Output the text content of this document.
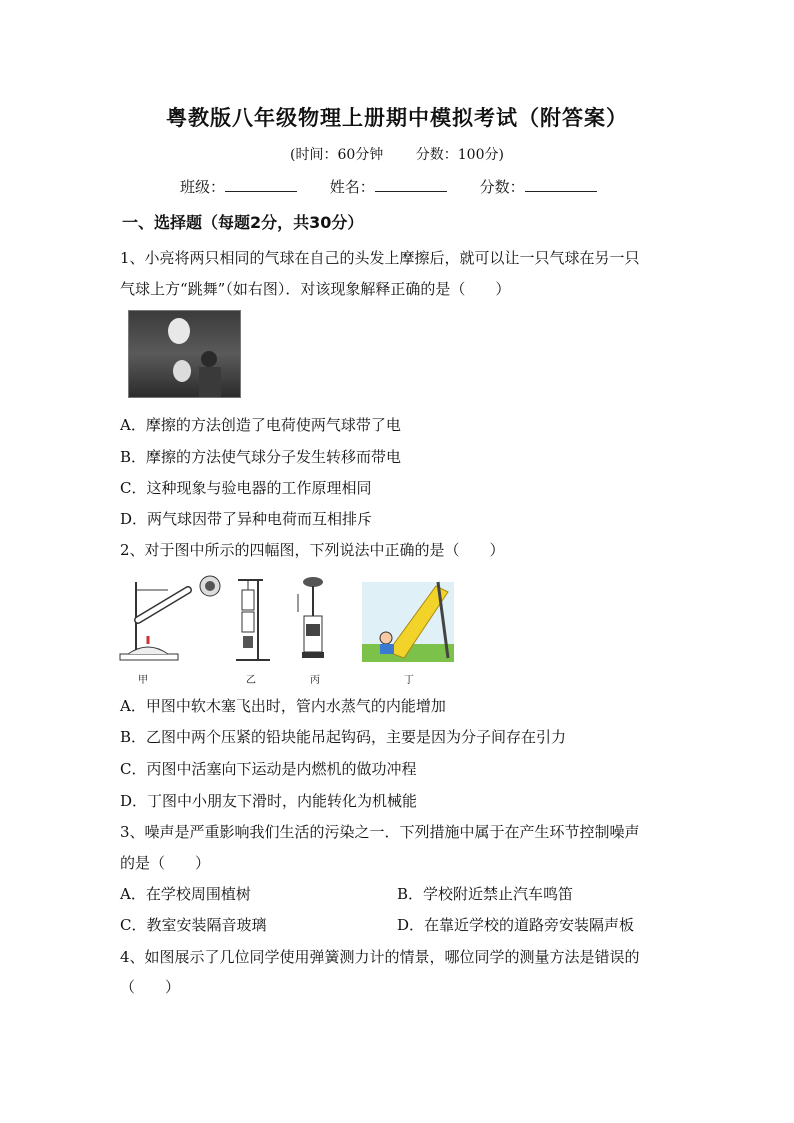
粤教版八年级物理上册期中模拟考试（附答案）
(时间：60分钟 分数：100分)
班级：	姓名：	分数：
一、选择题（每题2分，共30分）
1、小亮将两只相同的气球在自己的头发上摩擦后，就可以让一只气球在另一只
气球上方“跳舞”（如右图）．对该现象解释正确的是（　　）
A．摩擦的方法创造了电荷使两气球带了电
B．摩擦的方法使气球分子发生转移而带电
C．这种现象与验电器的工作原理相同
D．两气球因带了异种电荷而互相排斥
2、对于图中所示的四幅图，下列说法中正确的是（　　）
甲	乙	丙	丁
A．甲图中软木塞飞出时，管内水蒸气的内能增加
B．乙图中两个压紧的铅块能吊起钩码，主要是因为分子间存在引力
C．丙图中活塞向下运动是内燃机的做功冲程
D．丁图中小朋友下滑时，内能转化为机械能
3、噪声是严重影响我们生活的污染之一．下列措施中属于在产生环节控制噪声
的是（　　）
A．在学校周围植树	B．学校附近禁止汽车鸣笛
C．教室安装隔音玻璃	D．在靠近学校的道路旁安装隔声板
4、如图展示了几位同学使用弹簧测力计的情景，哪位同学的测量方法是错误的
（　　）
